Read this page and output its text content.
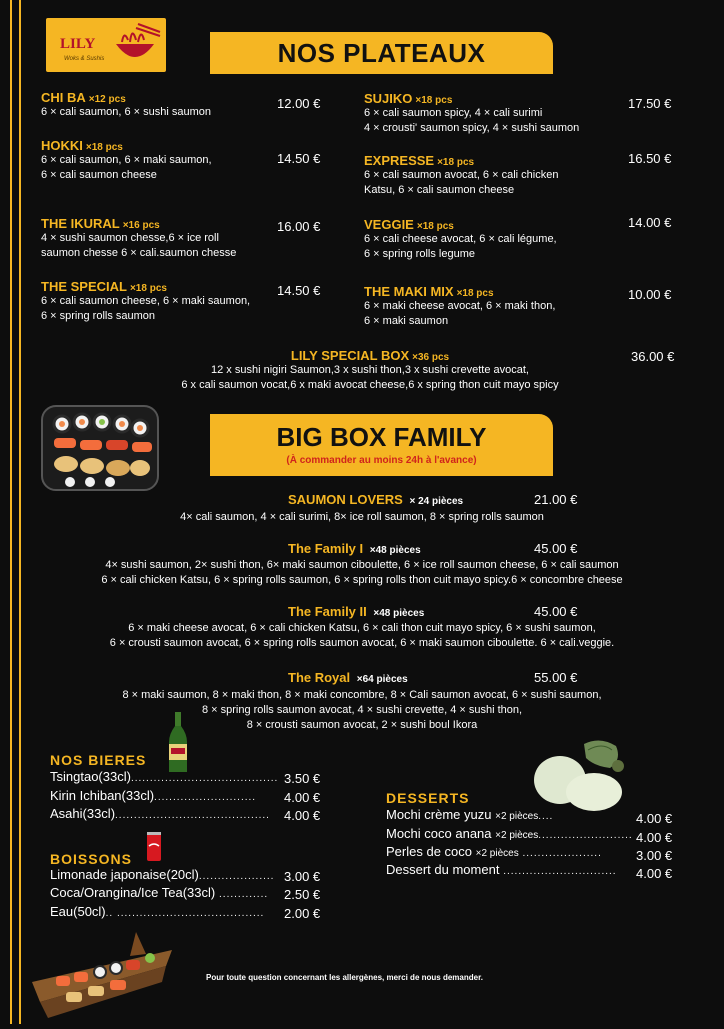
LILY
Woks & Sushis	NOS PLATEAUX
CHI BA ×12 pcs
6 × cali saumon, 6 × sushi saumon
12.00 €
HOKKI ×18 pcs
6 × cali saumon, 6 × maki saumon,
6 × cali saumon cheese
14.50 €
THE IKURAL ×16 pcs
4 × sushi saumon chesse,6 × ice roll
saumon chesse 6 × cali.saumon chesse
16.00 €
THE SPECIAL ×18 pcs
6 × cali saumon cheese, 6 × maki saumon,
6 × spring rolls saumon
14.50 €
SUJIKO ×18 pcs
6 × cali saumon spicy, 4 × cali surimi
4 × crousti' saumon spicy, 4 × sushi saumon
17.50 €
EXPRESSE ×18 pcs
6 × cali saumon avocat, 6 × cali chicken
Katsu, 6 × cali saumon cheese
16.50 €
VEGGIE ×18 pcs
6 × cali cheese avocat, 6 × cali légume,
6 × spring rolls legume
14.00 €
THE MAKI MIX ×18 pcs
6 × maki cheese avocat, 6 × maki thon,
6 × maki saumon
10.00 €
LILY SPECIAL BOX ×36 pcs
12 x sushi nigiri Saumon,3 x sushi thon,3 x sushi crevette avocat,
6 x cali saumon vocat,6 x maki avocat cheese,6 x spring thon cuit mayo spicy
36.00 €
BIG BOX FAMILY
(À commander au moins 24h à l'avance)
SAUMON LOVERS × 24 pièces	21.00 €
4× cali saumon, 4 × cali surimi, 8× ice roll saumon, 8 × spring rolls saumon
The Family I ×48 pièces	45.00 €
4× sushi saumon, 2× sushi thon, 6× maki saumon ciboulette, 6 × ice roll saumon cheese, 6 × cali saumon
6 × cali chicken Katsu, 6 × spring rolls saumon, 6 × spring rolls thon cuit mayo spicy.6 × concombre cheese
The Family II ×48 pièces	45.00 €
6 × maki cheese avocat, 6 × cali chicken Katsu, 6 × cali thon cuit mayo spicy, 6 × sushi saumon,
6 × crousti saumon avocat, 6 × spring rolls saumon avocat, 6 × maki saumon ciboulette. 6 × cali.veggie.
The Royal ×64 pièces	55.00 €
8 × maki saumon, 8 × maki thon, 8 × maki concombre, 8 × Cali saumon avocat, 6 × sushi saumon,
8 × spring rolls saumon avocat, 4 × sushi crevette, 4 × sushi thon,
8 × crousti saumon avocat, 2 × sushi boul Ikora
NOS BIERES
Tsingtao(33cl)....................................... 3.50 €
Kirin Ichiban(33cl)........................... 4.00 €
Asahi(33cl)......................................... 4.00 €
BOISSONS
Limonade japonaise(20cl).................... 3.00 €
Coca/Orangina/Ice Tea(33cl) ............. 2.50 €
Eau(50cl).. ....................................... 2.00 €
DESSERTS
Mochi crème yuzu ×2 pièces....	4.00 €
Mochi coco anana ×2 pièces......................... 4.00 €
Perles de coco ×2 pièces .....................	3.00 €
Dessert du moment .............................. 4.00 €
Pour toute question concernant les allergènes, merci de nous demander.
